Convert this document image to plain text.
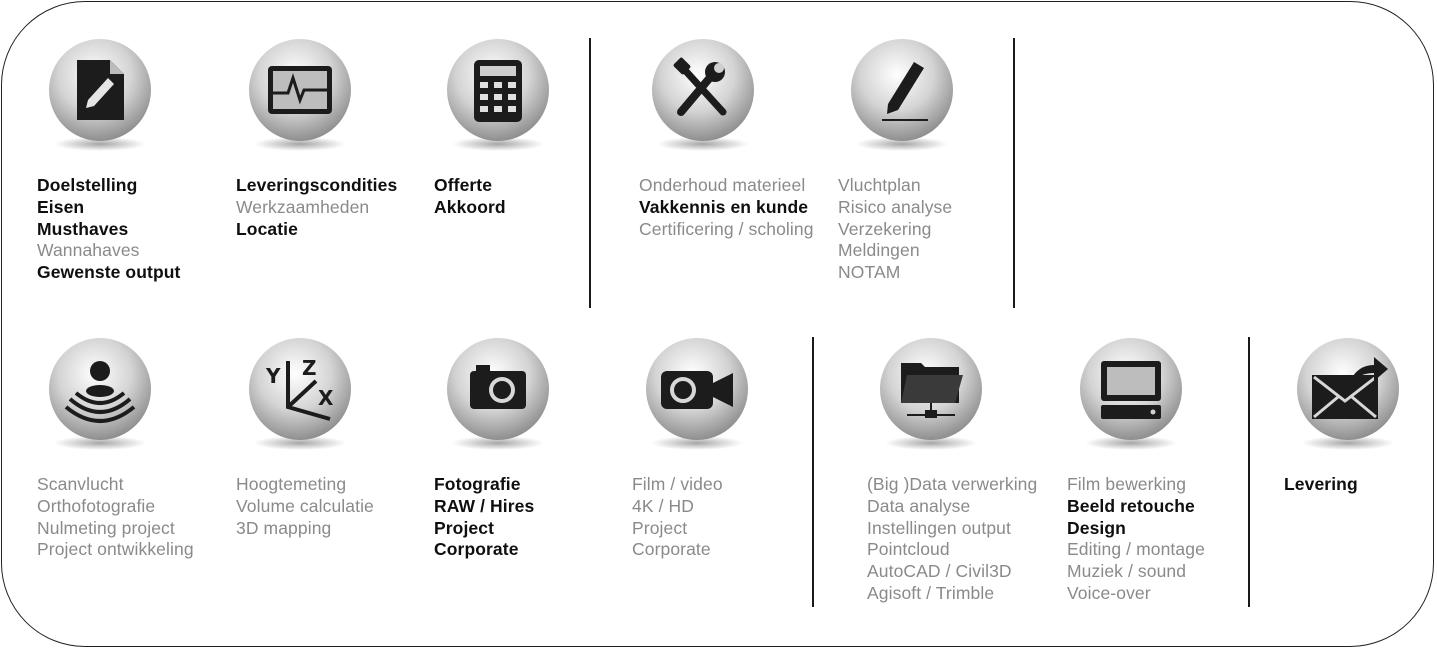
Doelstelling
Eisen
Musthaves
Wannahaves
Gewenste output
Leveringscondities
Werkzaamheden
Locatie
Offerte
Akkoord
Onderhoud materieel
Vakkennis en kunde
Certificering / scholing
Vluchtplan
Risico analyse
Verzekering
Meldingen
NOTAM
Y Z
X
Scanvlucht
Orthofotografie
Nulmeting project
Project ontwikkeling
Hoogtemeting
Volume calculatie
3D mapping
Fotografie
RAW / Hires
Project
Corporate
Film / video
4K / HD
Project
Corporate
(Big )Data verwerking
Data analyse
Instellingen output
Pointcloud
AutoCAD / Civil3D
Agisoft / Trimble
Film bewerking
Beeld retouche
Design
Editing / montage
Muziek / sound
Voice-over
Levering
